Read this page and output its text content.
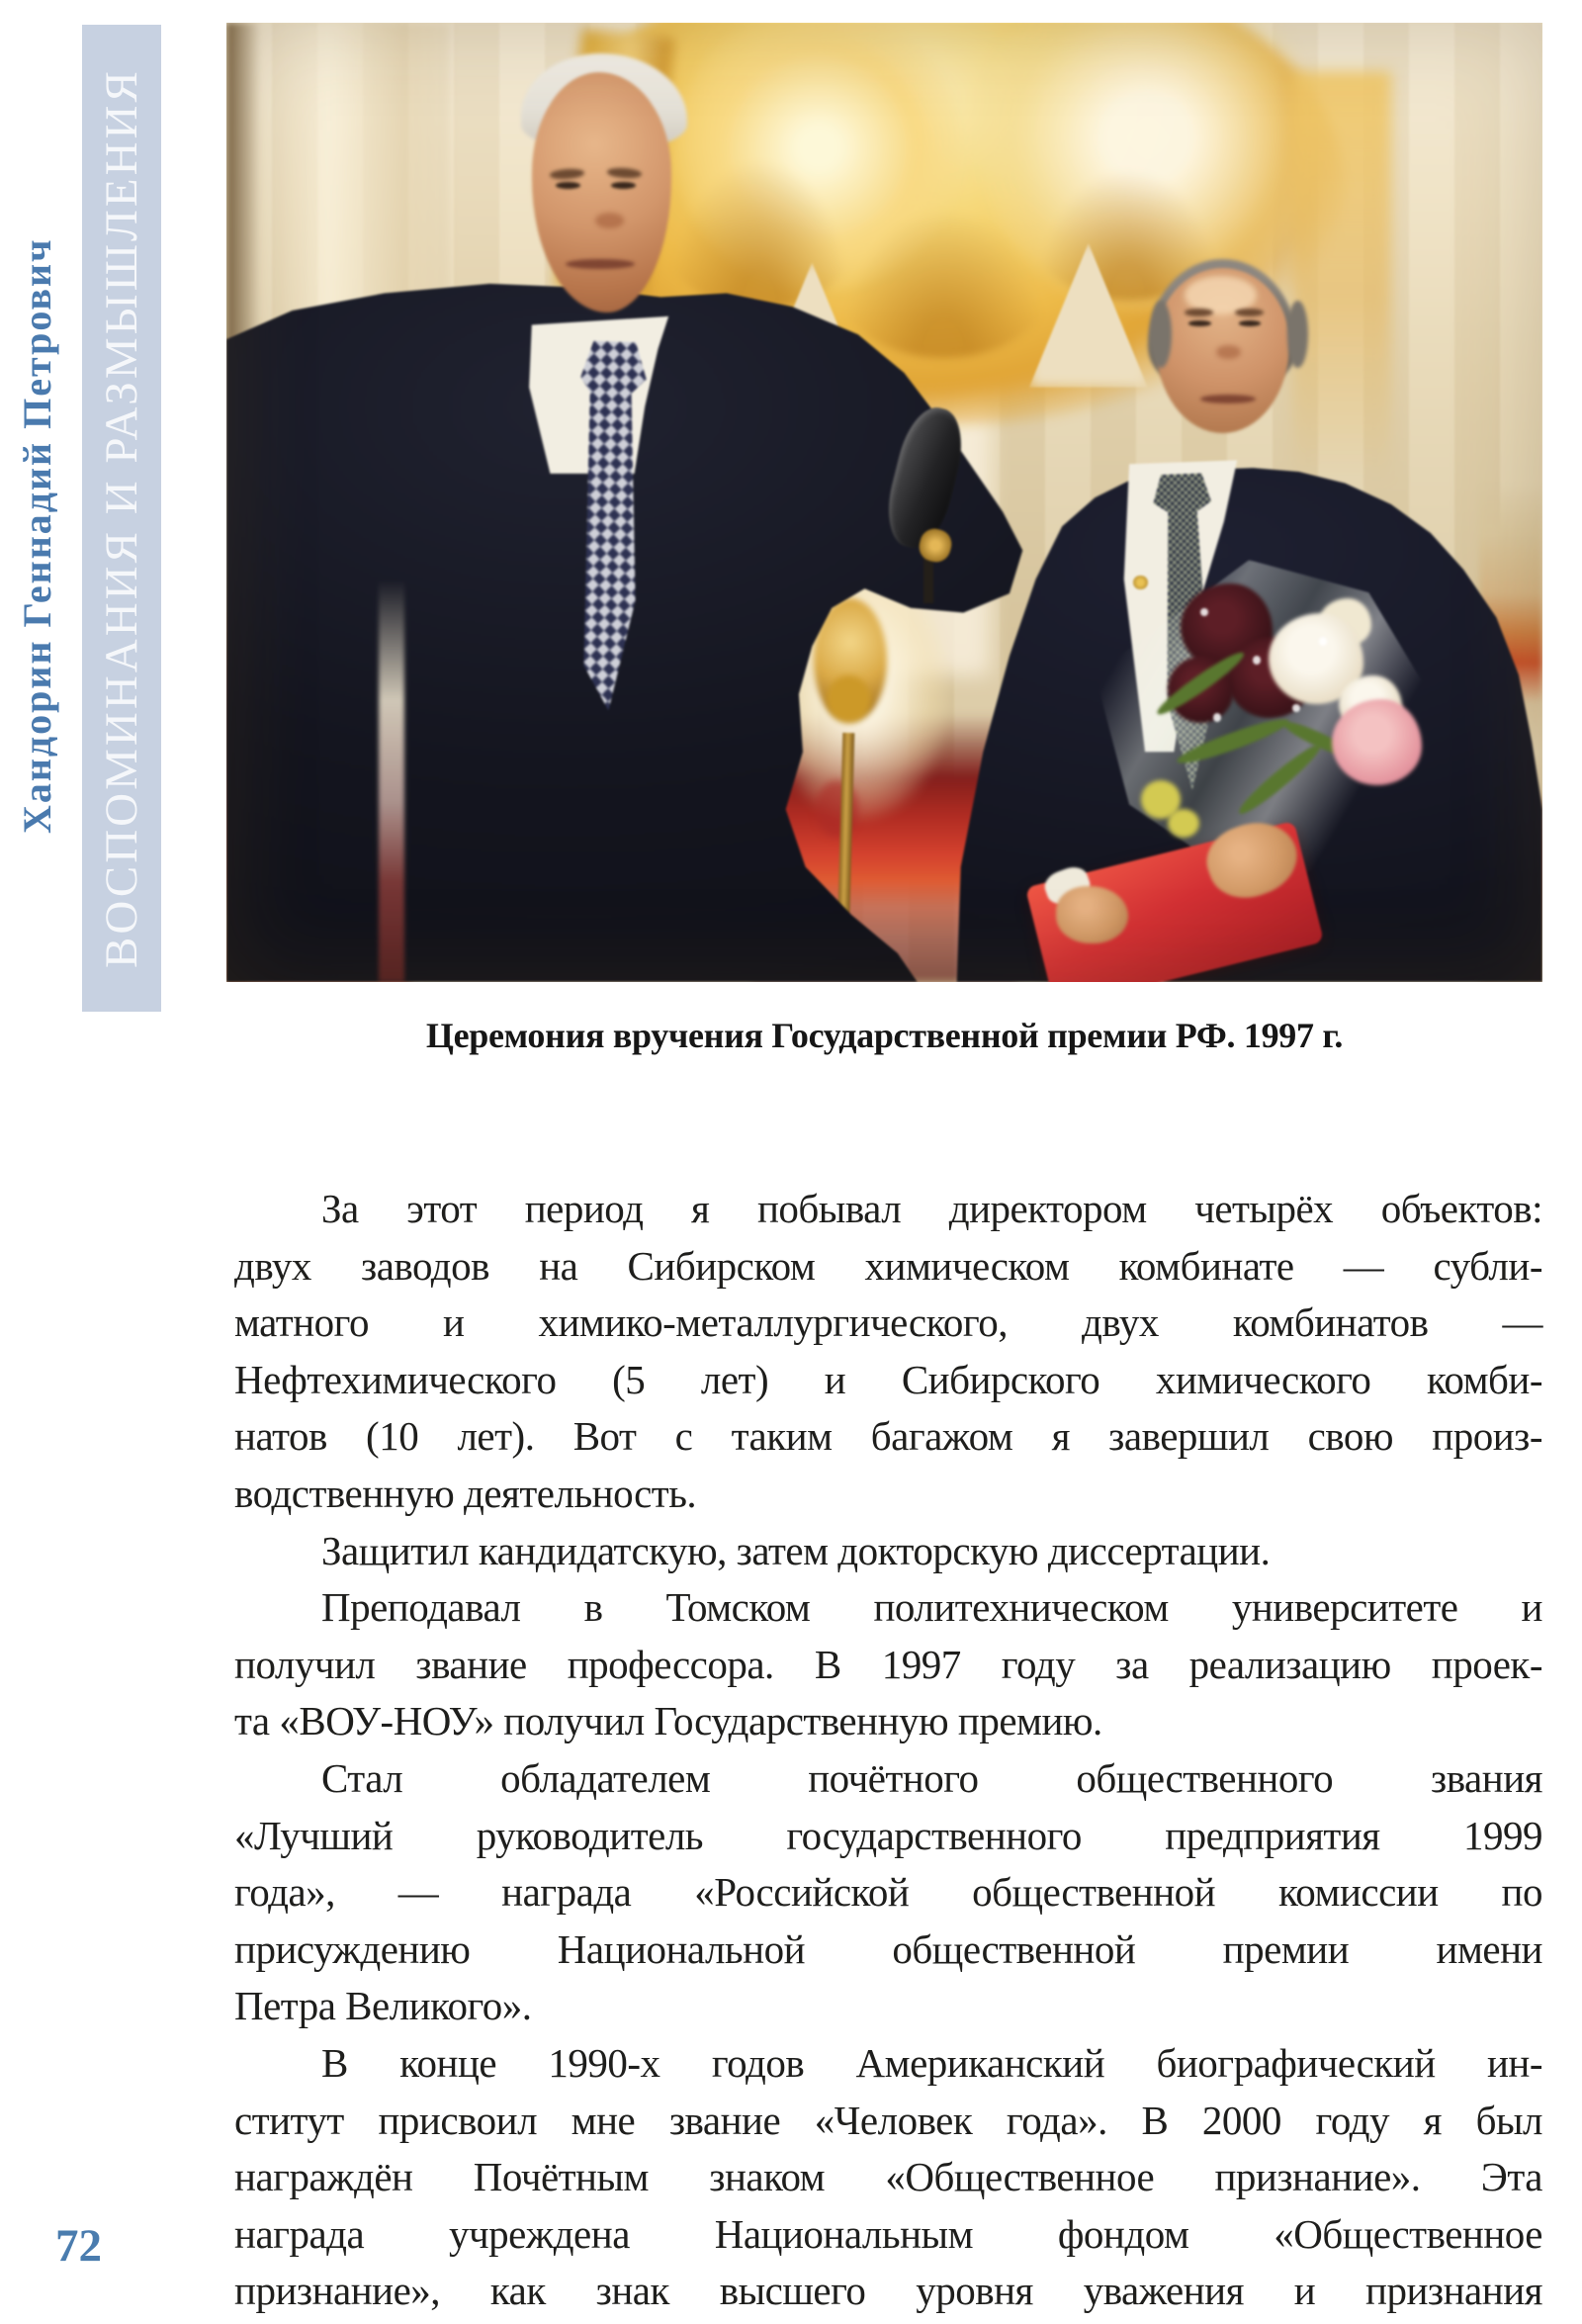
Хандорин Геннадий Петрович ВОСПОМИНАНИЯ И РАЗМЫШЛЕНИЯ
Церемония вручения Государственной премии РФ. 1997 г.
За этот период я побывал директором четырёх объектов:
двух заводов на Сибирском химическом комбинате — субли-
матного и химико-металлургического, двух комбинатов —
Нефтехимического (5 лет) и Сибирского химического комби-
натов (10 лет). Вот с таким багажом я завершил свою произ-
водственную деятельность.
Защитил кандидатскую, затем докторскую диссертации.
Преподавал в Томском политехническом университете и
получил звание профессора. В 1997 году за реализацию проек-
та «ВОУ-НОУ» получил Государственную премию.
Стал обладателем почётного общественного звания
«Лучший руководитель государственного предприятия 1999
года», — награда «Российской общественной комиссии по
присуждению Национальной общественной премии имени
Петра Великого».
В конце 1990-х годов Американский биографический ин-
ститут присвоил мне звание «Человек года». В 2000 году я был
награждён Почётным знаком «Общественное признание». Эта
награда учреждена Национальным фондом «Общественное
признание», как знак высшего уровня уважения и признания
72
